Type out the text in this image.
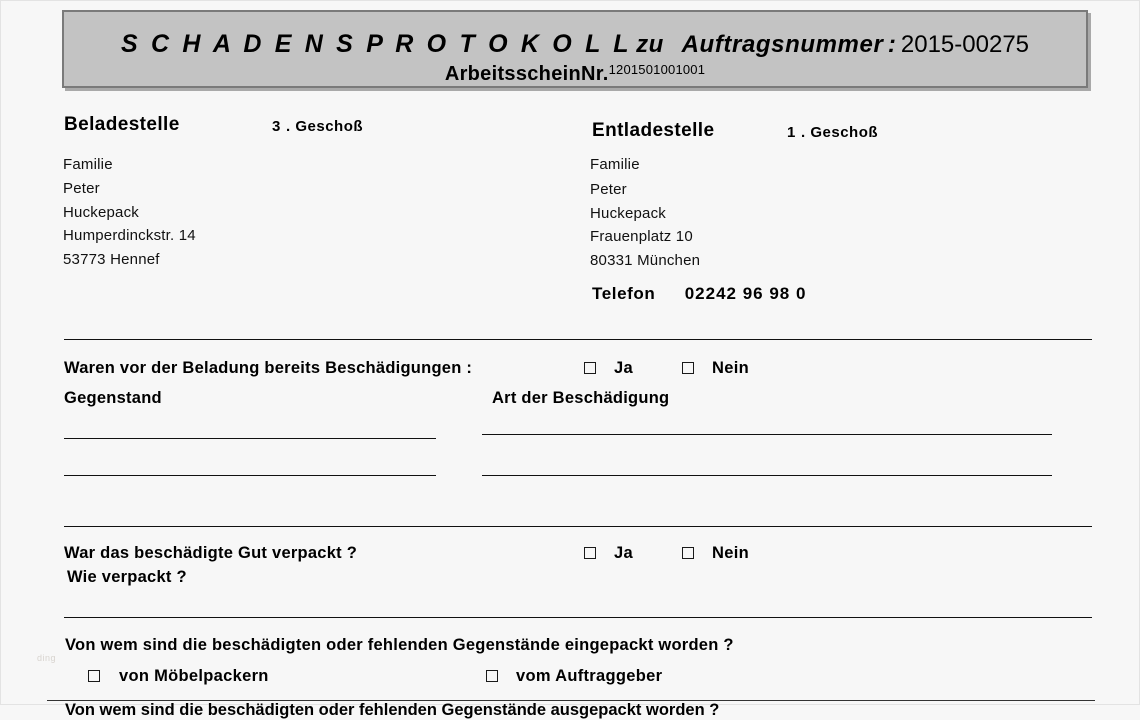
S C H A D E N S P R O T O K O L L zu Auftragsnummer : 2015-00275
ArbeitsscheinNr.$^{1201501001001}$
Beladestelle	3 . Geschoß
Familie
Peter
Huckepack
Humperdinckstr. 14
53773 Hennef
Entladestelle	1 . Geschoß
Familie
Peter
Huckepack
Frauenplatz 10
80331 München
Telefon 02242 96 98 0
Waren vor der Beladung bereits Beschädigungen :	Ja	Nein
Gegenstand	Art der Beschädigung
War das beschädigte Gut verpackt ?	Ja	Nein
Wie verpackt ?
Von wem sind die beschädigten oder fehlenden Gegenstände eingepackt worden ?
von Möbelpackern	vom Auftraggeber
Von wem sind die beschädigten oder fehlenden Gegenstände ausgepackt worden ?
ding
